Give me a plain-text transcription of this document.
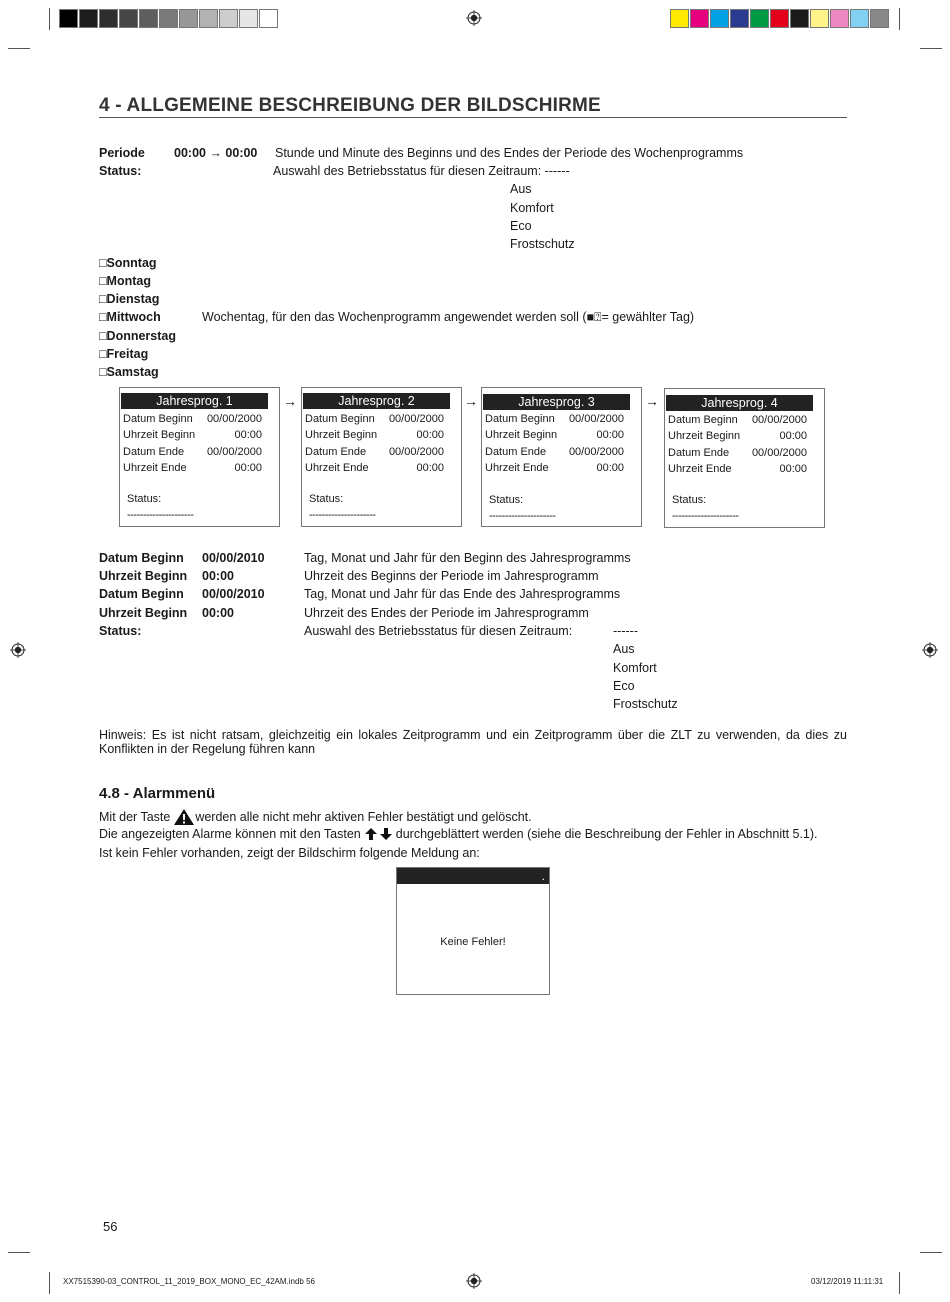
4 - ALLGEMEINE BESCHREIBUNG DER BILDSCHIRME
Periode 00:00 → 00:00 Stunde und Minute des Beginns und des Endes der Periode des Wochenprogramms
Status:	Auswahl des Betriebsstatus für diesen Zeitraum: ------
Aus
Komfort
Eco
Frostschutz
□Sonntag
□Montag
□Dienstag
□Mittwoch
□Donnerstag
□Freitag
□Samstag
Wochentag, für den das Wochenprogramm angewendet werden soll (■⍰= gewählter Tag)
Jahresprog. 1
Datum Beginn 00/00/2000
Uhrzeit Beginn	00:00
Datum Ende 00/00/2000
Uhrzeit Ende	00:00
Status:
---------------------
→	Jahresprog. 2
Datum Beginn 00/00/2000
Uhrzeit Beginn	00:00
Datum Ende 00/00/2000
Uhrzeit Ende	00:00
Status:
---------------------
→	Jahresprog. 3
Datum Beginn 00/00/2000
Uhrzeit Beginn	00:00
Datum Ende 00/00/2000
Uhrzeit Ende	00:00
Status:
---------------------
→	Jahresprog. 4
Datum Beginn 00/00/2000
Uhrzeit Beginn	00:00
Datum Ende 00/00/2000
Uhrzeit Ende	00:00
Status:
---------------------
Datum Beginn 00/00/2010	Tag, Monat und Jahr für den Beginn des Jahresprogramms
Uhrzeit Beginn 00:00	Uhrzeit des Beginns der Periode im Jahresprogramm
Datum Beginn 00/00/2010	Tag, Monat und Jahr für das Ende des Jahresprogramms
Uhrzeit Beginn 00:00	Uhrzeit des Endes der Periode im Jahresprogramm
Status:	Auswahl des Betriebsstatus für diesen Zeitraum:	------
Aus
Komfort
Eco
Frostschutz
Hinweis: Es ist nicht ratsam, gleichzeitig ein lokales Zeitprogramm und ein Zeitprogramm über die ZLT zu verwenden, da dies zu
Konflikten in der Regelung führen kann
4.8 - Alarmmenü
Mit der Taste werden alle nicht mehr aktiven Fehler bestätigt und gelöscht.
Die angezeigten Alarme können mit den Tasten	durchgeblättert werden (siehe die Beschreibung der Fehler in Abschnitt 5.1).
Ist kein Fehler vorhanden, zeigt der Bildschirm folgende Meldung an:
.
Keine Fehler!
56
XX7515390-03_CONTROL_11_2019_BOX_MONO_EC_42AM.indb 56	03/12/2019 11:11:31
